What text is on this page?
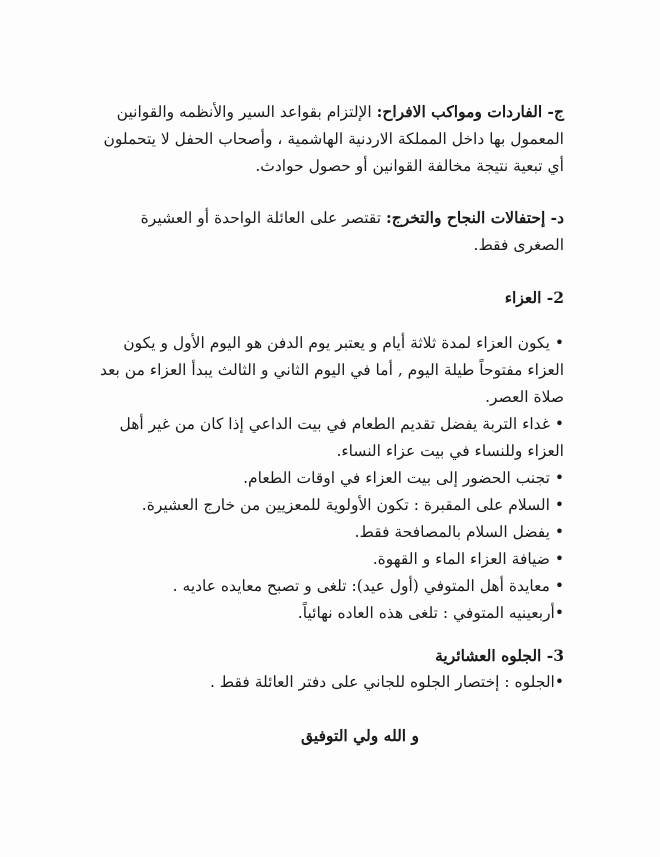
ج- الفاردات ومواكب الافراح: الإلتزام بقواعد السير والأنظمه والقوانين
المعمول بها داخل المملكة الاردنية الهاشمية ، وأصحاب الحفل لا يتحملون
أي تبعية نتيجة مخالفة القوانين أو حصول حوادث.
د- إحتفالات النجاح والتخرج: تقتصر على العائلة الواحدة أو العشيرة
الصغرى فقط.
2- العزاء
• يكون العزاء لمدة ثلاثة أيام و يعتبر يوم الدفن هو اليوم الأول و يكون
العزاء مفتوحاً طيلة اليوم , أما في اليوم الثاني و الثالث يبدأ العزاء من بعد
صلاة العصر.
• غداء التربة يفضل تقديم الطعام في بيت الداعي إذا كان من غير أهل
العزاء وللنساء في بيت عزاء النساء.
• تجنب الحضور إلى بيت العزاء في اوقات الطعام.
• السلام على المقبرة : تكون الأولوية للمعزيين من خارج العشيرة.
• يفضل السلام بالمصافحة فقط.
• ضيافة العزاء الماء و القهوة.
• معايدة أهل المتوفي (أول عيد): تلغى و تصبح معايده عاديه .
•أربعينيه المتوفي : تلغى هذه العاده نهائياً.
3- الجلوه العشائرية
•الجلوه : إختصار الجلوه للجاني على دفتر العائلة فقط .
و الله ولي التوفيق
